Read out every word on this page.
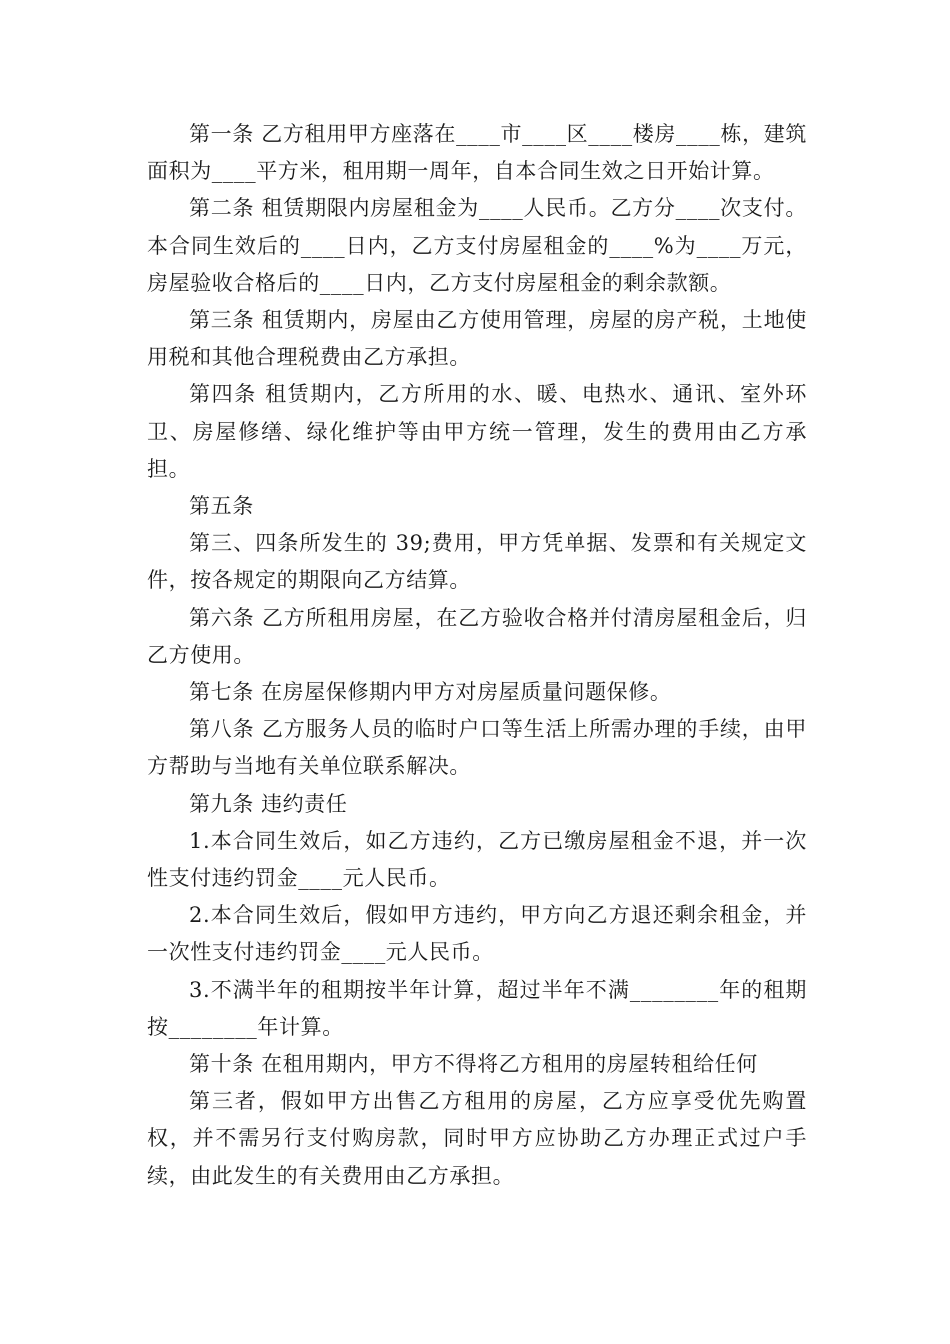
第一条 乙方租用甲方座落在____市____区____楼房____栋，建筑面积为____平方米，租用期一周年，自本合同生效之日开始计算。

第二条 租赁期限内房屋租金为____人民币。乙方分____次支付。本合同生效后的____日内，乙方支付房屋租金的____%为____万元，房屋验收合格后的____日内，乙方支付房屋租金的剩余款额。

第三条 租赁期内，房屋由乙方使用管理，房屋的房产税，土地使用税和其他合理税费由乙方承担。

第四条 租赁期内，乙方所用的水、暖、电热水、通讯、室外环卫、房屋修缮、绿化维护等由甲方统一管理，发生的费用由乙方承担。

第五条

第三、四条所发生的 39;费用，甲方凭单据、发票和有关规定文件，按各规定的期限向乙方结算。

第六条 乙方所租用房屋，在乙方验收合格并付清房屋租金后，归乙方使用。

第七条 在房屋保修期内甲方对房屋质量问题保修。

第八条 乙方服务人员的临时户口等生活上所需办理的手续，由甲方帮助与当地有关单位联系解决。

第九条 违约责任

1.本合同生效后，如乙方违约，乙方已缴房屋租金不退，并一次性支付违约罚金____元人民币。

2.本合同生效后，假如甲方违约，甲方向乙方退还剩余租金，并一次性支付违约罚金____元人民币。

3.不满半年的租期按半年计算，超过半年不满________年的租期按________年计算。

第十条 在租用期内，甲方不得将乙方租用的房屋转租给任何

第三者，假如甲方出售乙方租用的房屋，乙方应享受优先购置权，并不需另行支付购房款，同时甲方应协助乙方办理正式过户手续，由此发生的有关费用由乙方承担。
